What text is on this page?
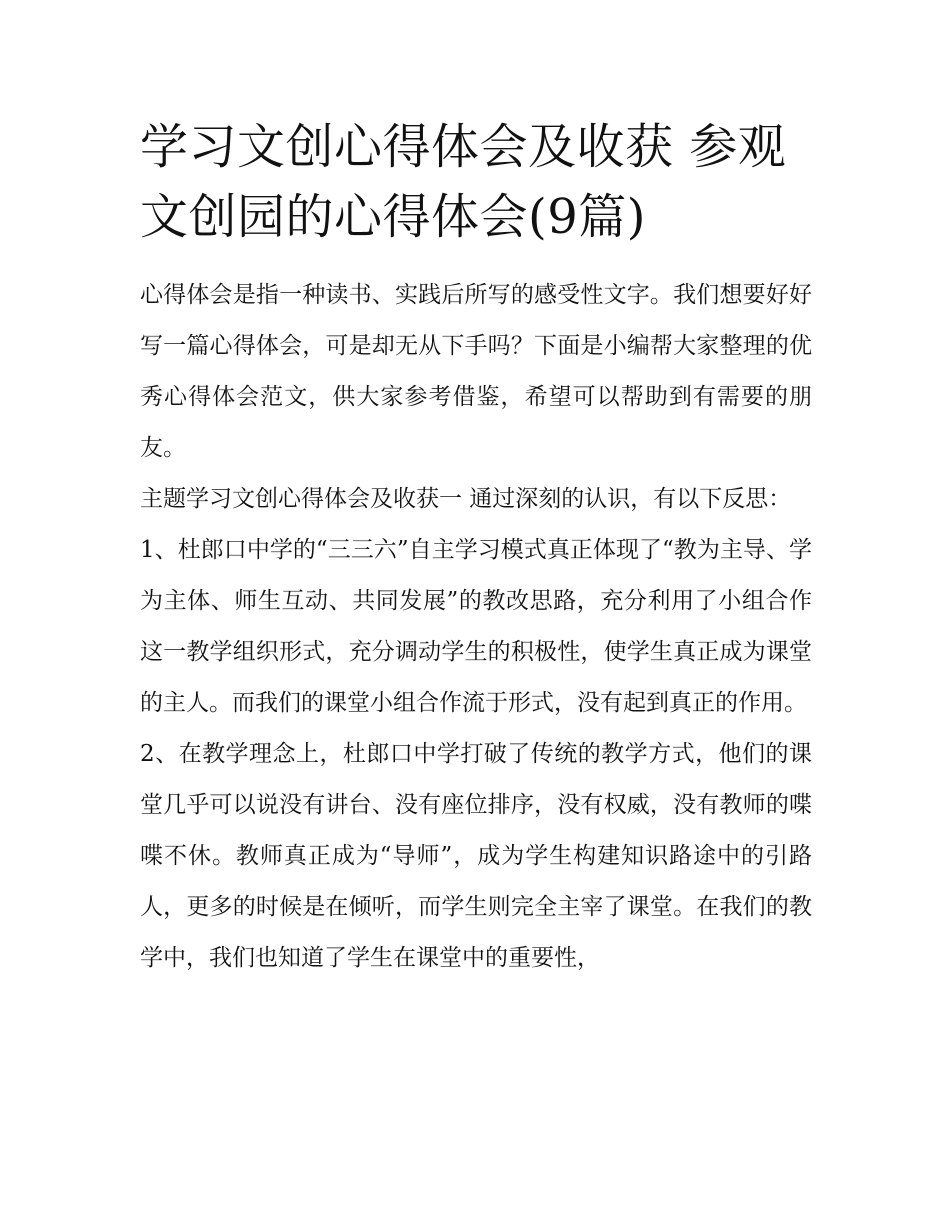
学习文创心得体会及收获 参观文创园的心得体会(9篇)

心得体会是指一种读书、实践后所写的感受性文字。我们想要好好写一篇心得体会，可是却无从下手吗？下面是小编帮大家整理的优秀心得体会范文，供大家参考借鉴，希望可以帮助到有需要的朋友。

主题学习文创心得体会及收获一 通过深刻的认识，有以下反思：

1、杜郎口中学的“三三六”自主学习模式真正体现了“教为主导、学为主体、师生互动、共同发展”的教改思路，充分利用了小组合作这一教学组织形式，充分调动学生的积极性，使学生真正成为课堂的主人。而我们的课堂小组合作流于形式，没有起到真正的作用。

2、在教学理念上，杜郎口中学打破了传统的教学方式，他们的课堂几乎可以说没有讲台、没有座位排序，没有权威，没有教师的喋喋不休。教师真正成为“导师”，成为学生构建知识路途中的引路人，更多的时候是在倾听，而学生则完全主宰了课堂。在我们的教学中，我们也知道了学生在课堂中的重要性，
